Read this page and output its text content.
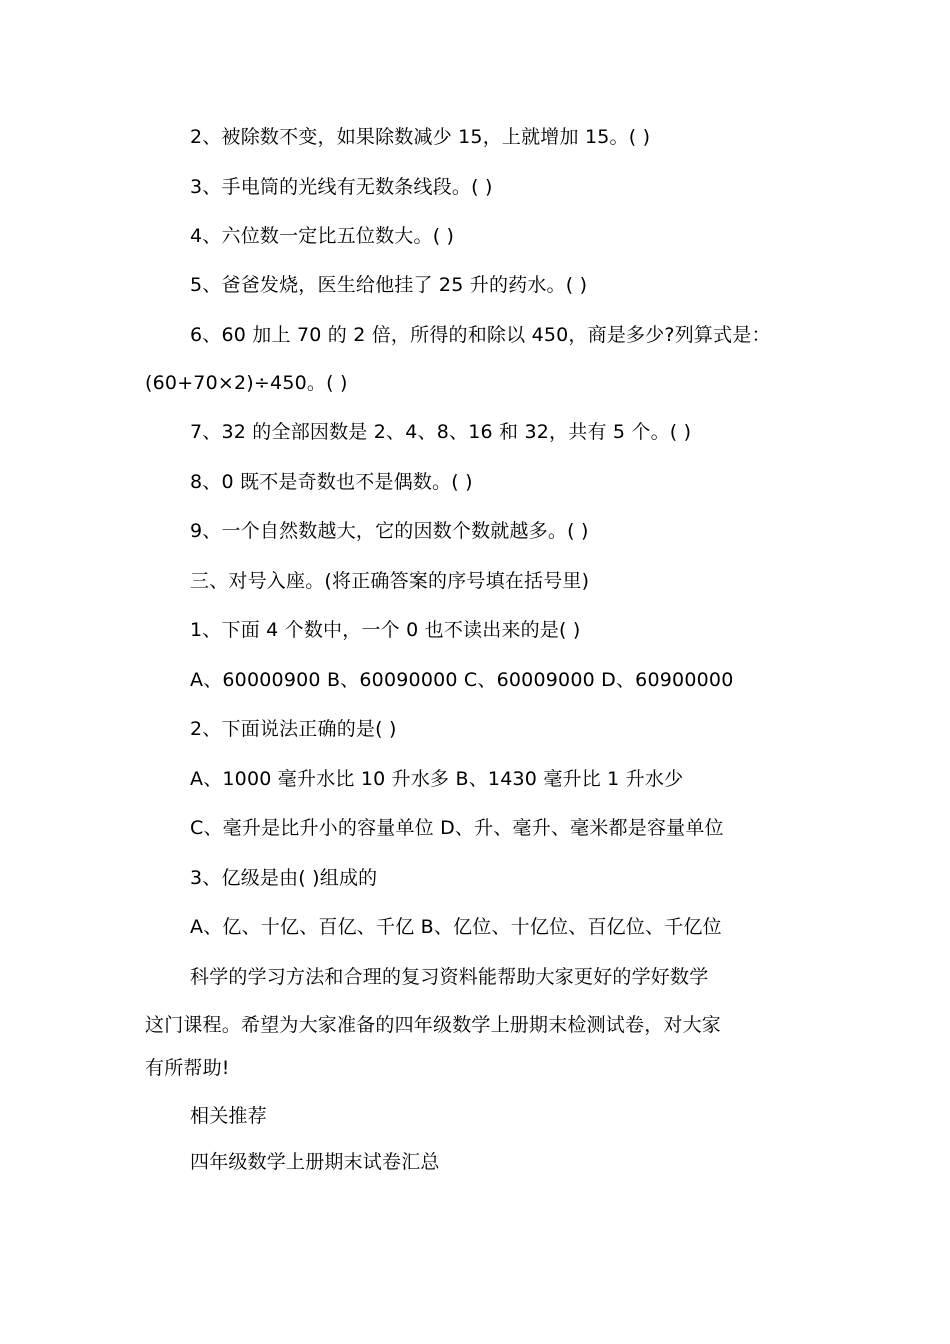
2、被除数不变，如果除数减少 15，上就增加 15。( )
3、手电筒的光线有无数条线段。( )
4、六位数一定比五位数大。( )
5、爸爸发烧，医生给他挂了 25 升的药水。( )
6、60 加上 70 的 2 倍，所得的和除以 450，商是多少?列算式是：
(60+70×2)÷450。( )
7、32 的全部因数是 2、4、8、16 和 32，共有 5 个。( )
8、0 既不是奇数也不是偶数。( )
9、一个自然数越大，它的因数个数就越多。( )
三、对号入座。(将正确答案的序号填在括号里)
1、下面 4 个数中，一个 0 也不读出来的是( )
A、60000900 B、60090000 C、60009000 D、60900000
2、下面说法正确的是( )
A、1000 毫升水比 10 升水多 B、1430 毫升比 1 升水少
C、毫升是比升小的容量单位 D、升、毫升、毫米都是容量单位
3、亿级是由( )组成的
A、亿、十亿、百亿、千亿 B、亿位、十亿位、百亿位、千亿位
科学的学习方法和合理的复习资料能帮助大家更好的学好数学
这门课程。希望为大家准备的四年级数学上册期末检测试卷，对大家
有所帮助!
相关推荐
四年级数学上册期末试卷汇总
